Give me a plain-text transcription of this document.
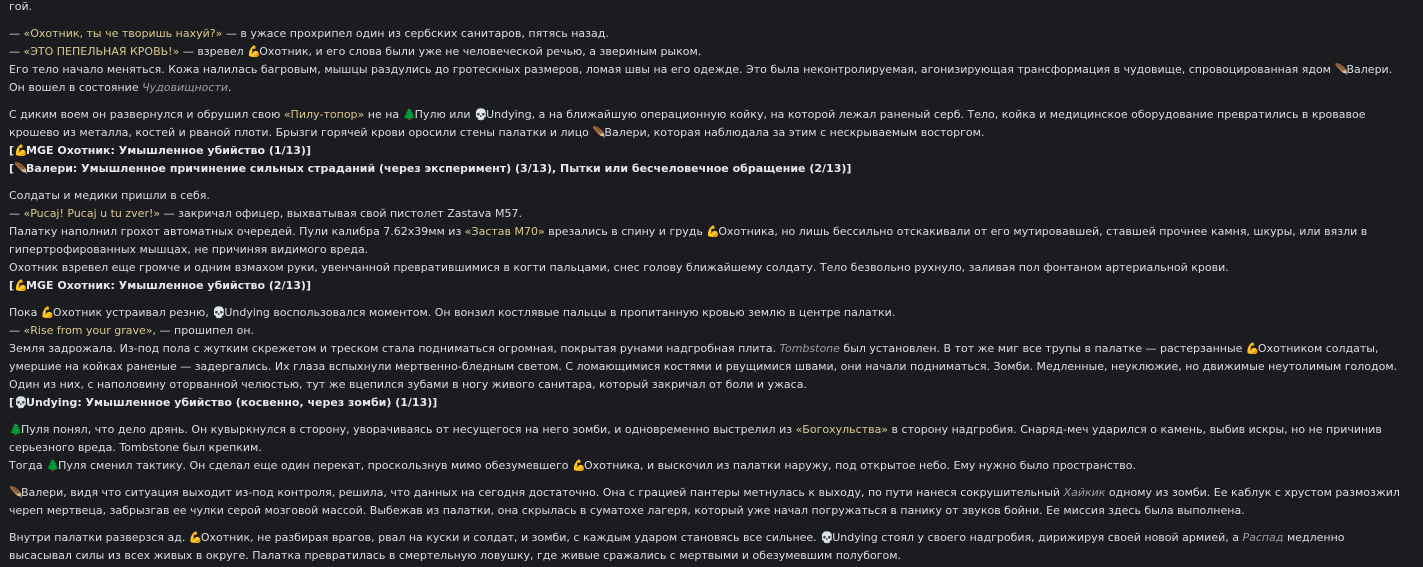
гой.
— «Охотник, ты че творишь нахуй?» — в ужасе прохрипел один из сербских санитаров, пятясь назад.
— «ЭТО ПЕПЕЛЬНАЯ КРОВЬ!» — взревел 💪Охотник, и его слова были уже не человеческой речью, а звериным рыком.
Его тело начало меняться. Кожа налилась багровым, мышцы раздулись до гротескных размеров, ломая швы на его одежде. Это была неконтролируемая, агонизирующая трансформация в чудовище, спровоцированная ядом 🪶Валери. Он вошел в состояние Чудовищности.
С диким воем он развернулся и обрушил свою «Пилу-топор» не на 🌲Пулю или 💀Undying, а на ближайшую операционную койку, на которой лежал раненый серб. Тело, койка и медицинское оборудование превратились в кровавое крошево из металла, костей и рваной плоти. Брызги горячей крови оросили стены палатки и лицо 🪶Валери, которая наблюдала за этим с нескрываемым восторгом.
[💪MGE Охотник: Умышленное убийство (1/13)]
[🪶Валери: Умышленное причинение сильных страданий (через эксперимент) (3/13), Пытки или бесчеловечное обращение (2/13)]
Солдаты и медики пришли в себя.
— «Pucaj! Pucaj u tu zver!» — закричал офицер, выхватывая свой пистолет Zastava M57.
Палатку наполнил грохот автоматных очередей. Пули калибра 7.62x39мм из «Застав М70» врезались в спину и грудь 💪Охотника, но лишь бессильно отскакивали от его мутировавшей, ставшей прочнее камня, шкуры, или вязли в гипертрофированных мышцах, не причиняя видимого вреда.
Охотник взревел еще громче и одним взмахом руки, увенчанной превратившимися в когти пальцами, снес голову ближайшему солдату. Тело безвольно рухнуло, заливая пол фонтаном артериальной крови.
[💪MGE Охотник: Умышленное убийство (2/13)]
Пока 💪Охотник устраивал резню, 💀Undying воспользовался моментом. Он вонзил костлявые пальцы в пропитанную кровью землю в центре палатки.
— «Rise from your grave», — прошипел он.
Земля задрожала. Из-под пола с жутким скрежетом и треском стала подниматься огромная, покрытая рунами надгробная плита. Tombstone был установлен. В тот же миг все трупы в палатке — растерзанные 💪Охотником солдаты, умершие на койках раненые — задергались. Их глаза вспыхнули мертвенно-бледным светом. С ломающимися костями и рвущимися швами, они начали подниматься. Зомби. Медленные, неуклюжие, но движимые неутолимым голодом. Один из них, с наполовину оторванной челюстью, тут же вцепился зубами в ногу живого санитара, который закричал от боли и ужаса.
[💀Undying: Умышленное убийство (косвенно, через зомби) (1/13)]
🌲Пуля понял, что дело дрянь. Он кувыркнулся в сторону, уворачиваясь от несущегося на него зомби, и одновременно выстрелил из «Богохульства» в сторону надгробия. Снаряд-меч ударился о камень, выбив искры, но не причинив серьезного вреда. Tombstone был крепким.
Тогда 🌲Пуля сменил тактику. Он сделал еще один перекат, проскользнув мимо обезумевшего 💪Охотника, и выскочил из палатки наружу, под открытое небо. Ему нужно было пространство.
🪶Валери, видя что ситуация выходит из-под контроля, решила, что данных на сегодня достаточно. Она с грацией пантеры метнулась к выходу, по пути нанеся сокрушительный Хайкик одному из зомби. Ее каблук с хрустом размозжил череп мертвеца, забрызгав ее чулки серой мозговой массой. Выбежав из палатки, она скрылась в суматохе лагеря, который уже начал погружаться в панику от звуков бойни. Ее миссия здесь была выполнена.
Внутри палатки разверзся ад. 💪Охотник, не разбирая врагов, рвал на куски и солдат, и зомби, с каждым ударом становясь все сильнее. 💀Undying стоял у своего надгробия, дирижируя своей новой армией, а Распад медленно высасывал силы из всех живых в округе. Палатка превратилась в смертельную ловушку, где живые сражались с мертвыми и обезумевшим полубогом.
